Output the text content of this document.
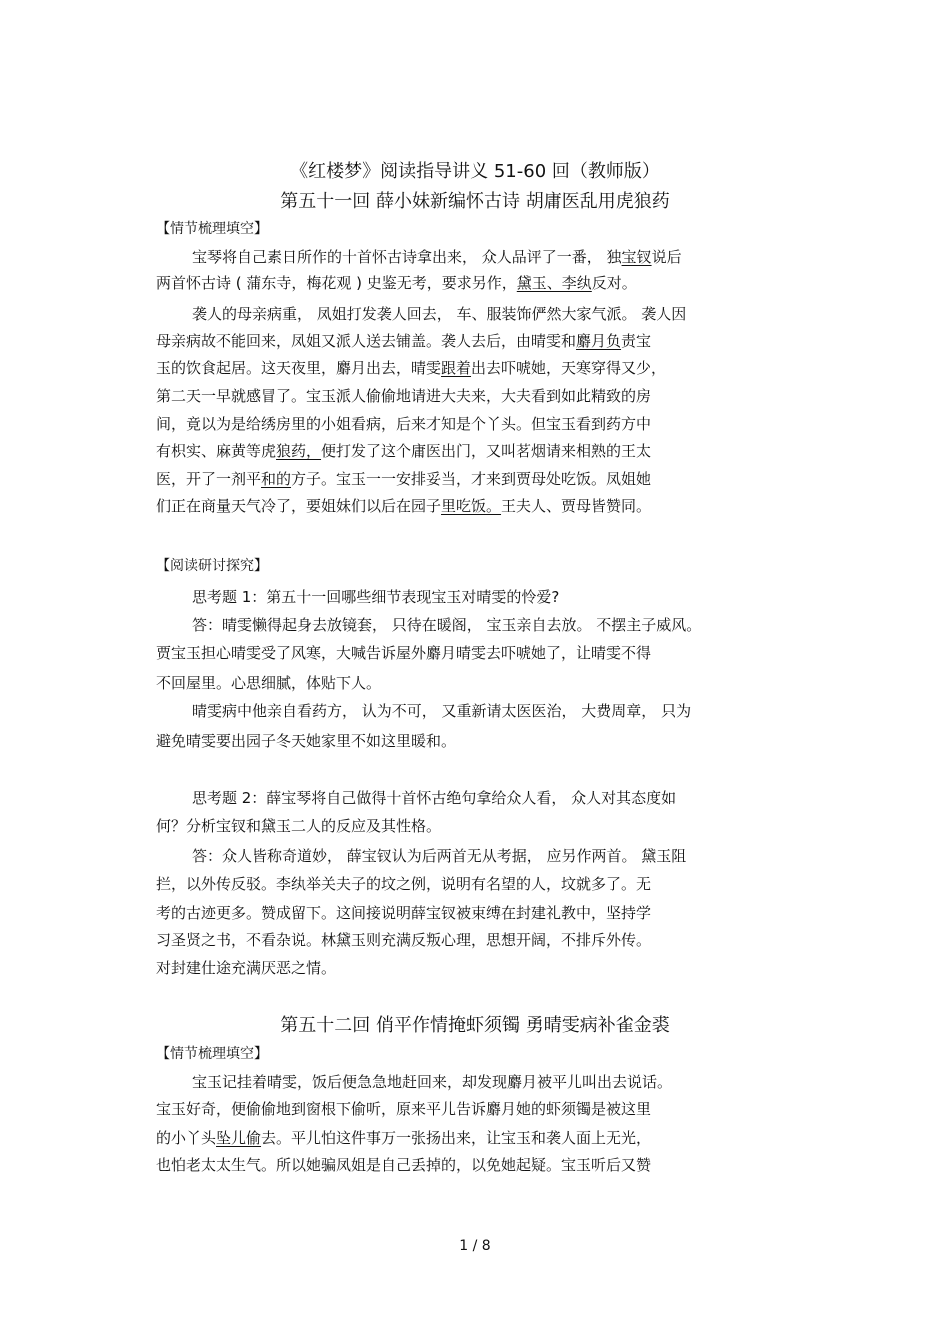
《红楼梦》阅读指导讲义 51-60 回（教师版）

第五十一回 薛小妹新编怀古诗 胡庸医乱用虎狼药

【情节梳理填空】

宝琴将自己素日所作的十首怀古诗拿出来， 众人品评了一番， 独宝钗说后

两首怀古诗 ( 蒲东寺，梅花观 ) 史鉴无考，要求另作，黛玉、李纨反对。

袭人的母亲病重， 凤姐打发袭人回去， 车、服装饰俨然大家气派。 袭人因

母亲病故不能回来，凤姐又派人送去铺盖。袭人去后，由晴雯和麝月负责宝

玉的饮食起居。这天夜里，麝月出去，晴雯跟着出去吓唬她，天寒穿得又少，

第二天一早就感冒了。宝玉派人偷偷地请进大夫来，大夫看到如此精致的房

间，竟以为是给绣房里的小姐看病，后来才知是个丫头。但宝玉看到药方中

有枳实、麻黄等虎狼药，便打发了这个庸医出门，又叫茗烟请来相熟的王太

医，开了一剂平和的方子。宝玉一一安排妥当，才来到贾母处吃饭。凤姐她

们正在商量天气冷了，要姐妹们以后在园子里吃饭。王夫人、贾母皆赞同。

【阅读研讨探究】

思考题 1：第五十一回哪些细节表现宝玉对晴雯的怜爱?

答：晴雯懒得起身去放镜套， 只待在暖阁， 宝玉亲自去放。 不摆主子威风。

贾宝玉担心晴雯受了风寒，大喊告诉屋外麝月晴雯去吓唬她了，让晴雯不得

不回屋里。心思细腻，体贴下人。

晴雯病中他亲自看药方， 认为不可， 又重新请太医医治， 大费周章， 只为

避免晴雯要出园子冬天她家里不如这里暖和。

思考题 2：薛宝琴将自己做得十首怀古绝句拿给众人看， 众人对其态度如

何？分析宝钗和黛玉二人的反应及其性格。

答：众人皆称奇道妙， 薛宝钗认为后两首无从考据， 应另作两首。 黛玉阻

拦，以外传反驳。李纨举关夫子的坟之例，说明有名望的人，坟就多了。无

考的古迹更多。赞成留下。这间接说明薛宝钗被束缚在封建礼教中，坚持学

习圣贤之书，不看杂说。林黛玉则充满反叛心理，思想开阔，不排斥外传。

对封建仕途充满厌恶之情。

第五十二回 俏平作情掩虾须镯 勇晴雯病补雀金裘

【情节梳理填空】

宝玉记挂着晴雯，饭后便急急地赶回来，却发现麝月被平儿叫出去说话。

宝玉好奇，便偷偷地到窗根下偷听，原来平儿告诉麝月她的虾须镯是被这里

的小丫头坠儿偷去。平儿怕这件事万一张扬出来，让宝玉和袭人面上无光，

也怕老太太生气。所以她骗凤姐是自己丢掉的，以免她起疑。宝玉听后又赞

1 / 8
